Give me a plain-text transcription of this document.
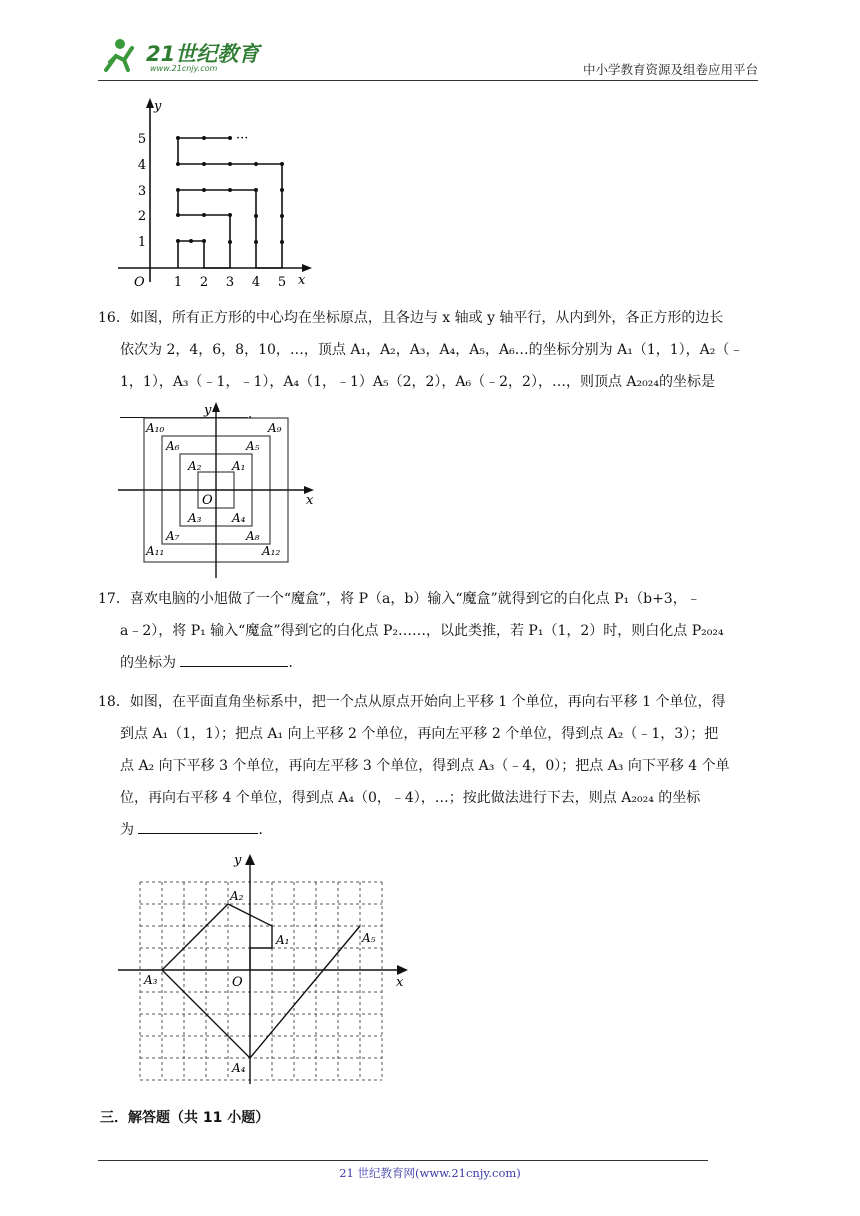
21世纪教育
www.21cnjy.com	中小学教育资源及组卷应用平台
y
x
O 1 2 3 4 5
1
2
3
4
5	···

16．如图，所有正方形的中心均在坐标原点，且各边与 x 轴或 y 轴平行，从内到外，各正方形的边长

依次为 2，4，6，8，10，…，顶点 A₁，A₂，A₃，A₄，A₅，A₆…的坐标分别为 A₁（1，1），A₂（﹣

1，1），A₃（﹣1，﹣1），A₄（1，﹣1）A₅（2，2），A₆（﹣2，2），…，则顶点 A₂₀₂₄的坐标是 ．

y
x
O
A₁
A₂
A₃	A₄
A₅
A₆
A₇	A₈
A₉
A₁₀
A₁₁	A₁₂

17．喜欢电脑的小旭做了一个“魔盒”，将 P（a，b）输入“魔盒”就得到它的白化点 P₁（b+3，﹣

a﹣2），将 P₁ 输入“魔盒”得到它的白化点 P₂……，以此类推，若 P₁（1，2）时，则白化点 P₂₀₂₄

的坐标为	．

18．如图，在平面直角坐标系中，把一个点从原点开始向上平移 1 个单位，再向右平移 1 个单位，得

到点 A₁（1，1）；把点 A₁ 向上平移 2 个单位，再向左平移 2 个单位，得到点 A₂（﹣1，3）；把

点 A₂ 向下平移 3 个单位，再向左平移 3 个单位，得到点 A₃（﹣4，0）；把点 A₃ 向下平移 4 个单

位，再向右平移 4 个单位，得到点 A₄（0，﹣4），…；按此做法进行下去，则点 A₂₀₂₄ 的坐标

为	．

y
x
O
A₁
A₂
A₃
A₄
A₅
三．解答题（共 11 小题）
21 世纪教育网(www.21cnjy.com)
